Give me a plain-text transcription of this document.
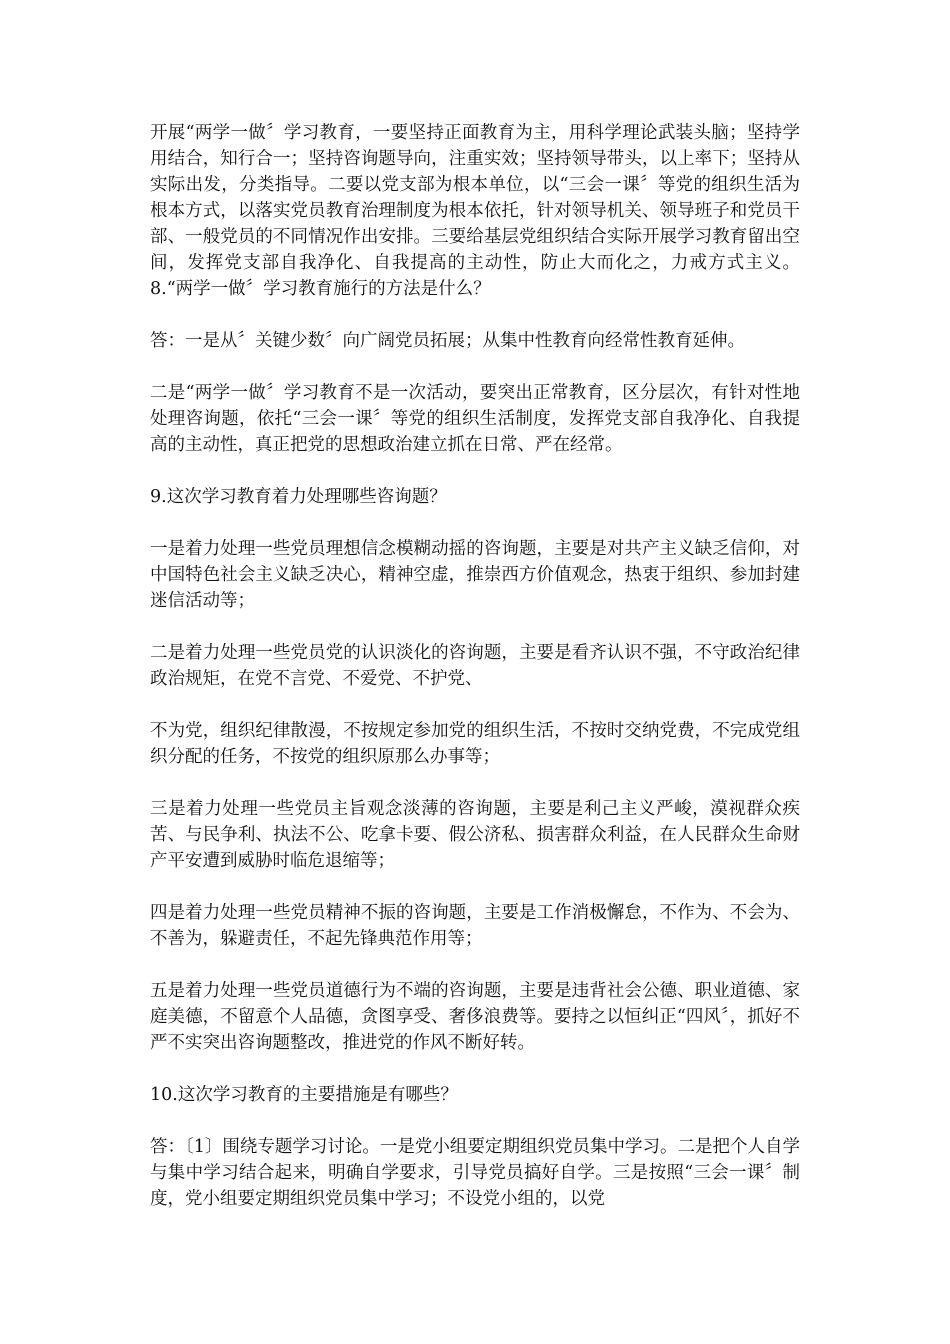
开展“两学一做〞学习教育，一要坚持正面教育为主，用科学理论武装头脑；坚持学用结合，知行合一；坚持咨询题导向，注重实效；坚持领导带头，以上率下；坚持从实际出发，分类指导。二要以党支部为根本单位，以“三会一课〞等党的组织生活为根本方式，以落实党员教育治理制度为根本依托，针对领导机关、领导班子和党员干部、一般党员的不同情况作出安排。三要给基层党组织结合实际开展学习教育留出空间，发挥党支部自我净化、自我提高的主动性，防止大而化之，力戒方式主义。 8.“两学一做〞学习教育施行的方法是什么？

答：一是从〞关键少数〞向广阔党员拓展；从集中性教育向经常性教育延伸。

二是“两学一做〞学习教育不是一次活动，要突出正常教育，区分层次，有针对性地处理咨询题，依托“三会一课〞等党的组织生活制度，发挥党支部自我净化、自我提高的主动性，真正把党的思想政治建立抓在日常、严在经常。

9.这次学习教育着力处理哪些咨询题？

一是着力处理一些党员理想信念模糊动摇的咨询题，主要是对共产主义缺乏信仰，对中国特色社会主义缺乏决心，精神空虚，推崇西方价值观念，热衷于组织、参加封建迷信活动等；

二是着力处理一些党员党的认识淡化的咨询题，主要是看齐认识不强，不守政治纪律政治规矩，在党不言党、不爱党、不护党、

不为党，组织纪律散漫，不按规定参加党的组织生活，不按时交纳党费，不完成党组织分配的任务，不按党的组织原那么办事等；

三是着力处理一些党员主旨观念淡薄的咨询题，主要是利己主义严峻，漠视群众疾苦、与民争利、执法不公、吃拿卡要、假公济私、损害群众利益，在人民群众生命财产平安遭到威胁时临危退缩等；

四是着力处理一些党员精神不振的咨询题，主要是工作消极懈怠，不作为、不会为、不善为，躲避责任，不起先锋典范作用等；

五是着力处理一些党员道德行为不端的咨询题，主要是违背社会公德、职业道德、家庭美德，不留意个人品德，贪图享受、奢侈浪费等。要持之以恒纠正“四风〞，抓好不严不实突出咨询题整改，推进党的作风不断好转。

10.这次学习教育的主要措施是有哪些？

答：〔1〕围绕专题学习讨论。一是党小组要定期组织党员集中学习。二是把个人自学与集中学习结合起来，明确自学要求，引导党员搞好自学。三是按照“三会一课〞制度，党小组要定期组织党员集中学习；不设党小组的，以党
